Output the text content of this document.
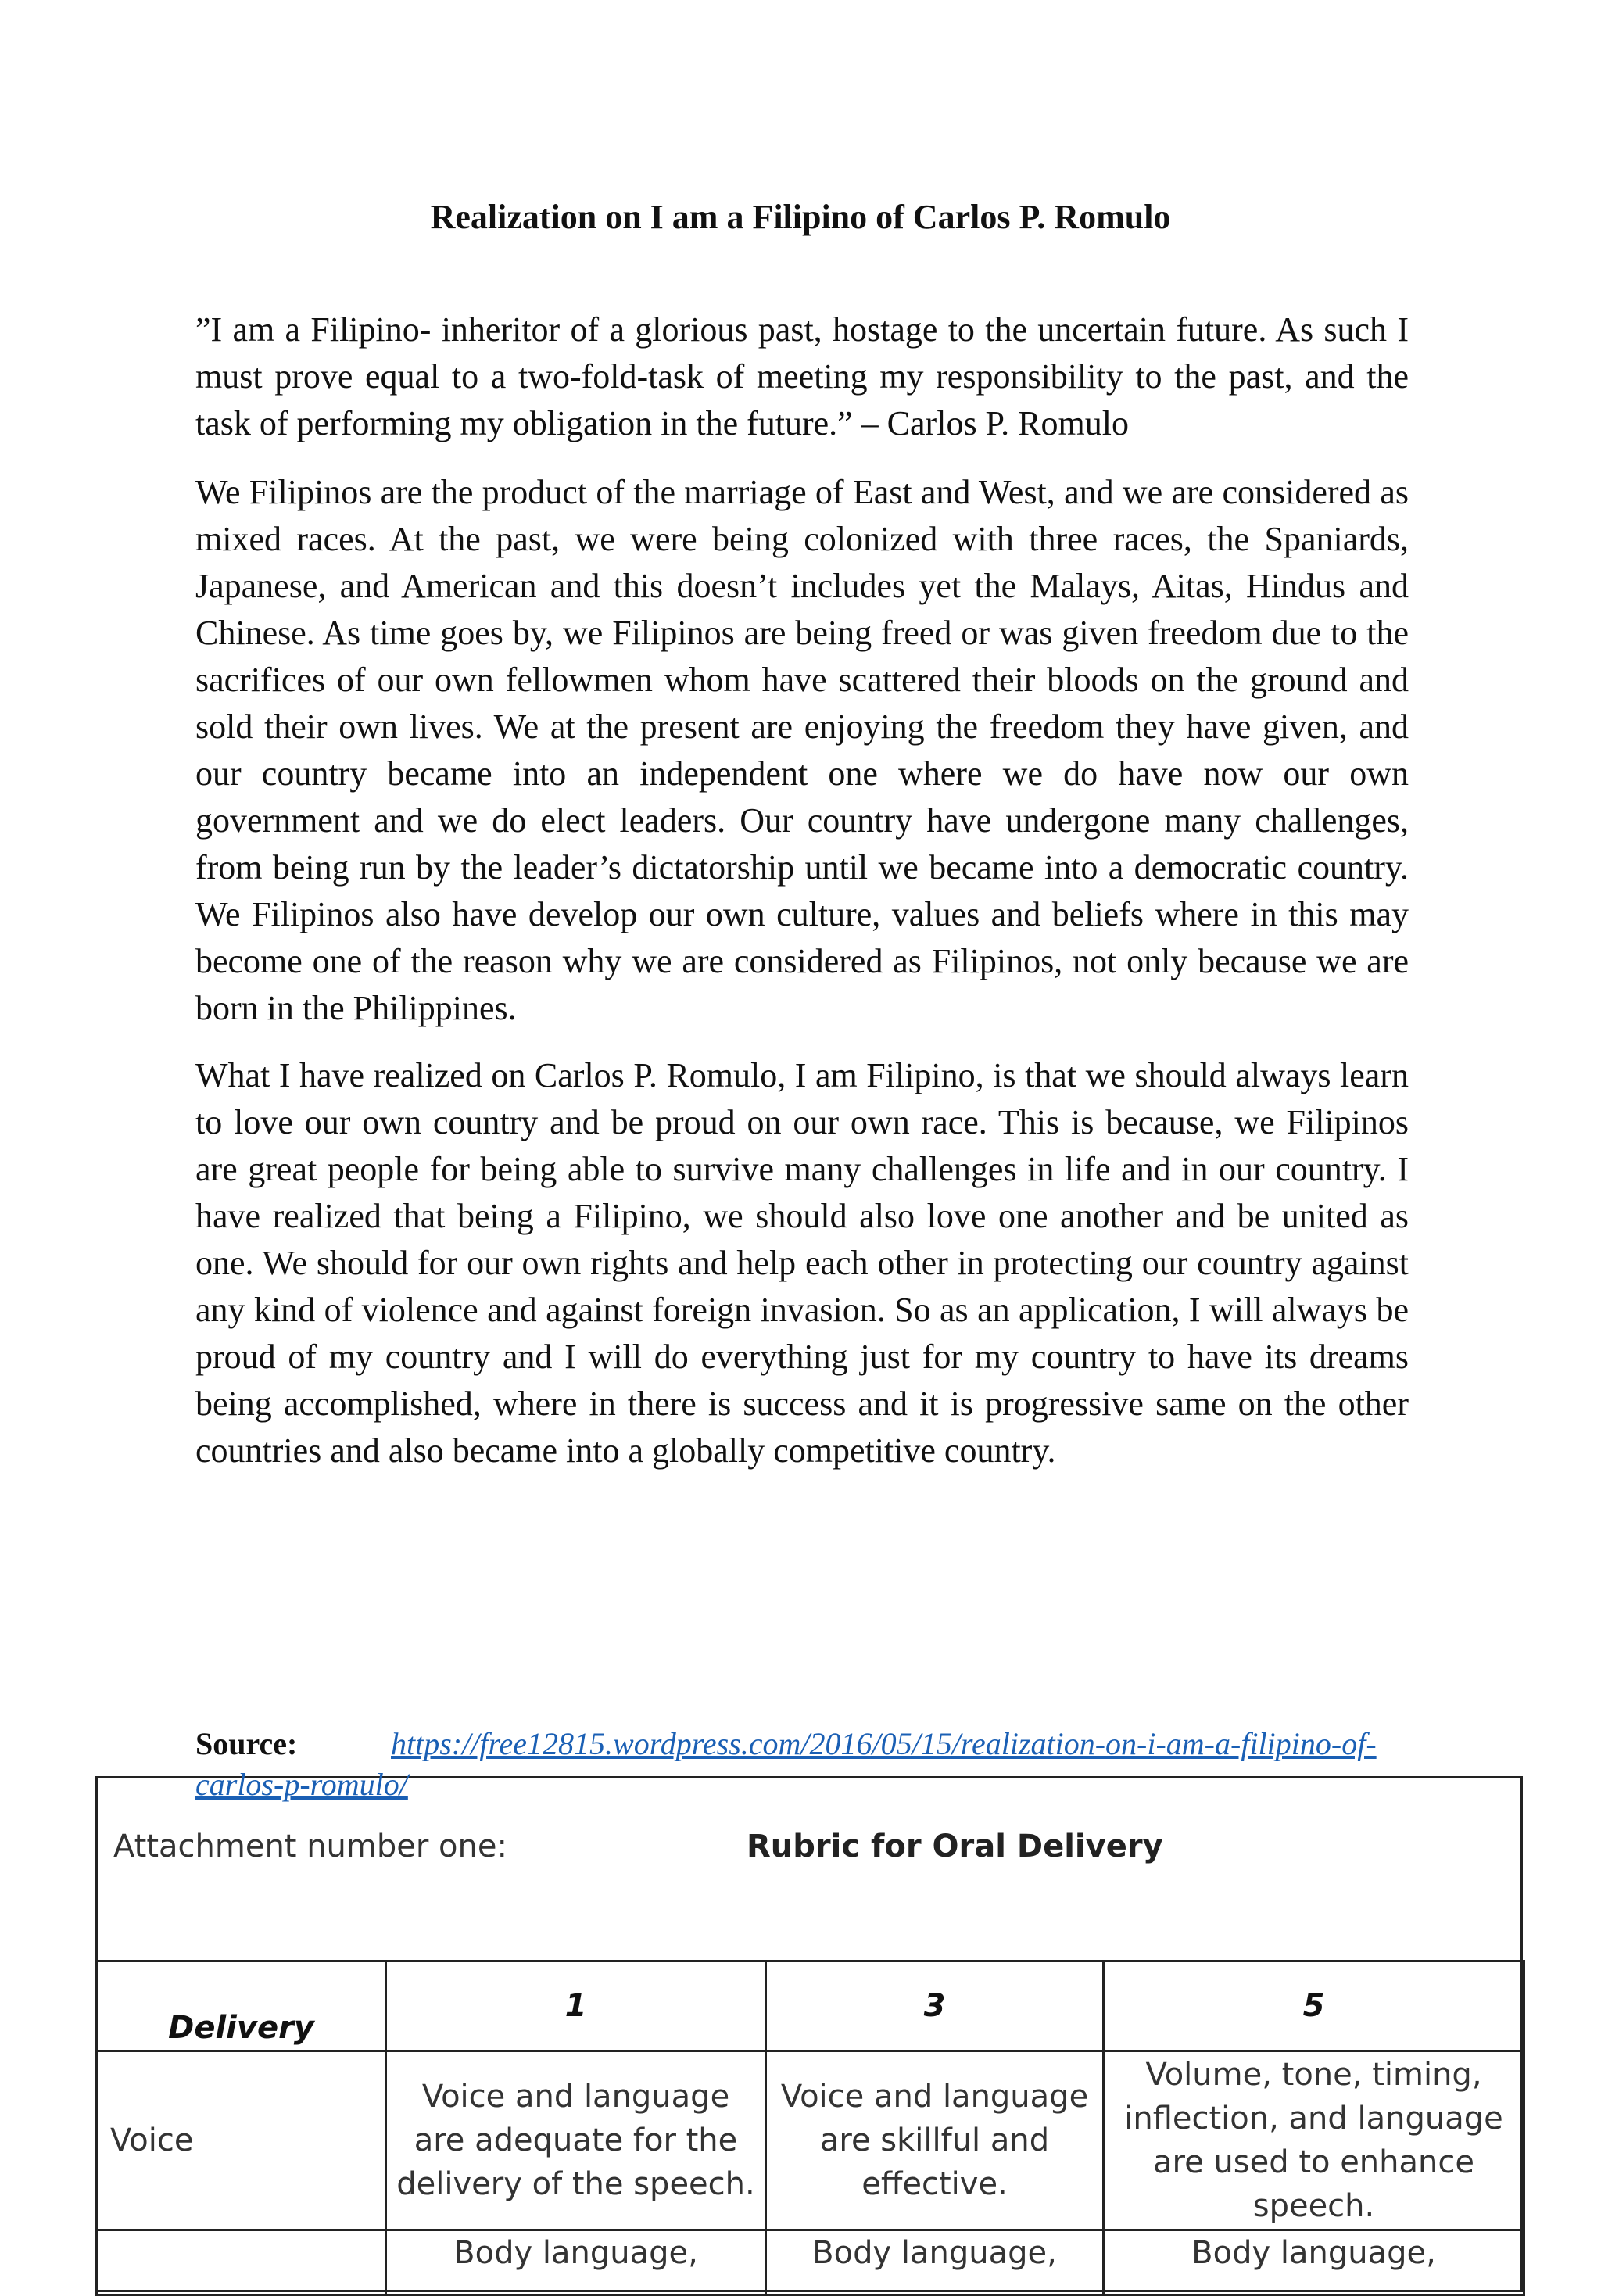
Realization on I am a Filipino of Carlos P. Romulo

”I am a Filipino- inheritor of a glorious past, hostage to the uncertain future. As such I must prove equal to a two-fold-task of meeting my responsibility to the past, and the task of performing my obligation in the future.” – Carlos P. Romulo

We Filipinos are the product of the marriage of East and West, and we are considered as mixed races. At the past, we were being colonized with three races, the Spaniards, Japanese, and American and this doesn’t includes yet the Malays, Aitas, Hindus and Chinese. As time goes by, we Filipinos are being freed or was given freedom due to the sacrifices of our own fellowmen whom have scattered their bloods on the ground and sold their own lives. We at the present are enjoying the freedom they have given, and our country became into an independent one where we do have now our own government and we do elect leaders. Our country have undergone many challenges, from being run by the leader’s dictatorship until we became into a democratic country. We Filipinos also have develop our own culture, values and beliefs where in this may become one of the reason why we are considered as Filipinos, not only because we are born in the Philippines.

What I have realized on Carlos P. Romulo, I am Filipino, is that we should always learn to love our own country and be proud on our own race. This is because, we Filipinos are great people for being able to survive many challenges in life and in our country. I have realized that being a Filipino, we should also love one another and be united as one. We should for our own rights and help each other in protecting our country against any kind of violence and against foreign invasion. So as an application, I will always be proud of my country and I will do everything just for my country to have its dreams being accomplished, where in there is success and it is progressive same on the other countries and also became into a globally competitive country.

Source:	https://free12815.wordpress.com/2016/05/15/realization-on-i-am-a-filipino-of-carlos-p-romulo/

Attachment number one:	Rubric for Oral Delivery

Delivery	1	3	5
Voice	Voice and language are adequate for the delivery of the speech.	Voice and language are skillful and effective.	Volume, tone, timing, inflection, and language are used to enhance speech.
	Body language,	Body language,	Body language,
